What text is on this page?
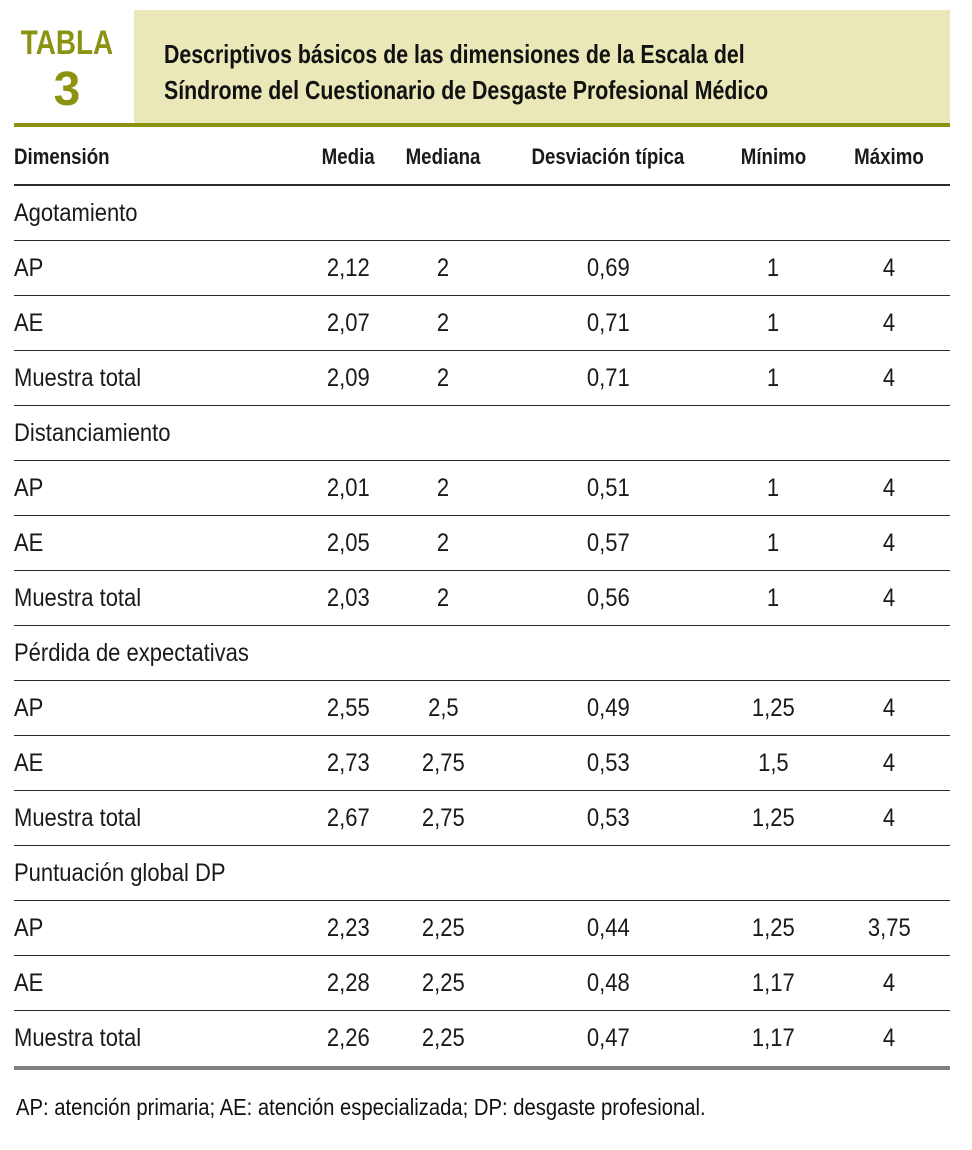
TABLA
3
Descriptivos básicos de las dimensiones de la Escala del
Síndrome del Cuestionario de Desgaste Profesional Médico
Dimensión	Media	Mediana	Desviación típica	Mínimo	Máximo
Agotamiento					
AP	2,12	2	0,69	1	4
AE	2,07	2	0,71	1	4
Muestra total	2,09	2	0,71	1	4
Distanciamiento					
AP	2,01	2	0,51	1	4
AE	2,05	2	0,57	1	4
Muestra total	2,03	2	0,56	1	4
Pérdida de expectativas					
AP	2,55	2,5	0,49	1,25	4
AE	2,73	2,75	0,53	1,5	4
Muestra total	2,67	2,75	0,53	1,25	4
Puntuación global DP					
AP	2,23	2,25	0,44	1,25	3,75
AE	2,28	2,25	0,48	1,17	4
Muestra total	2,26	2,25	0,47	1,17	4
AP: atención primaria; AE: atención especializada; DP: desgaste profesional.
